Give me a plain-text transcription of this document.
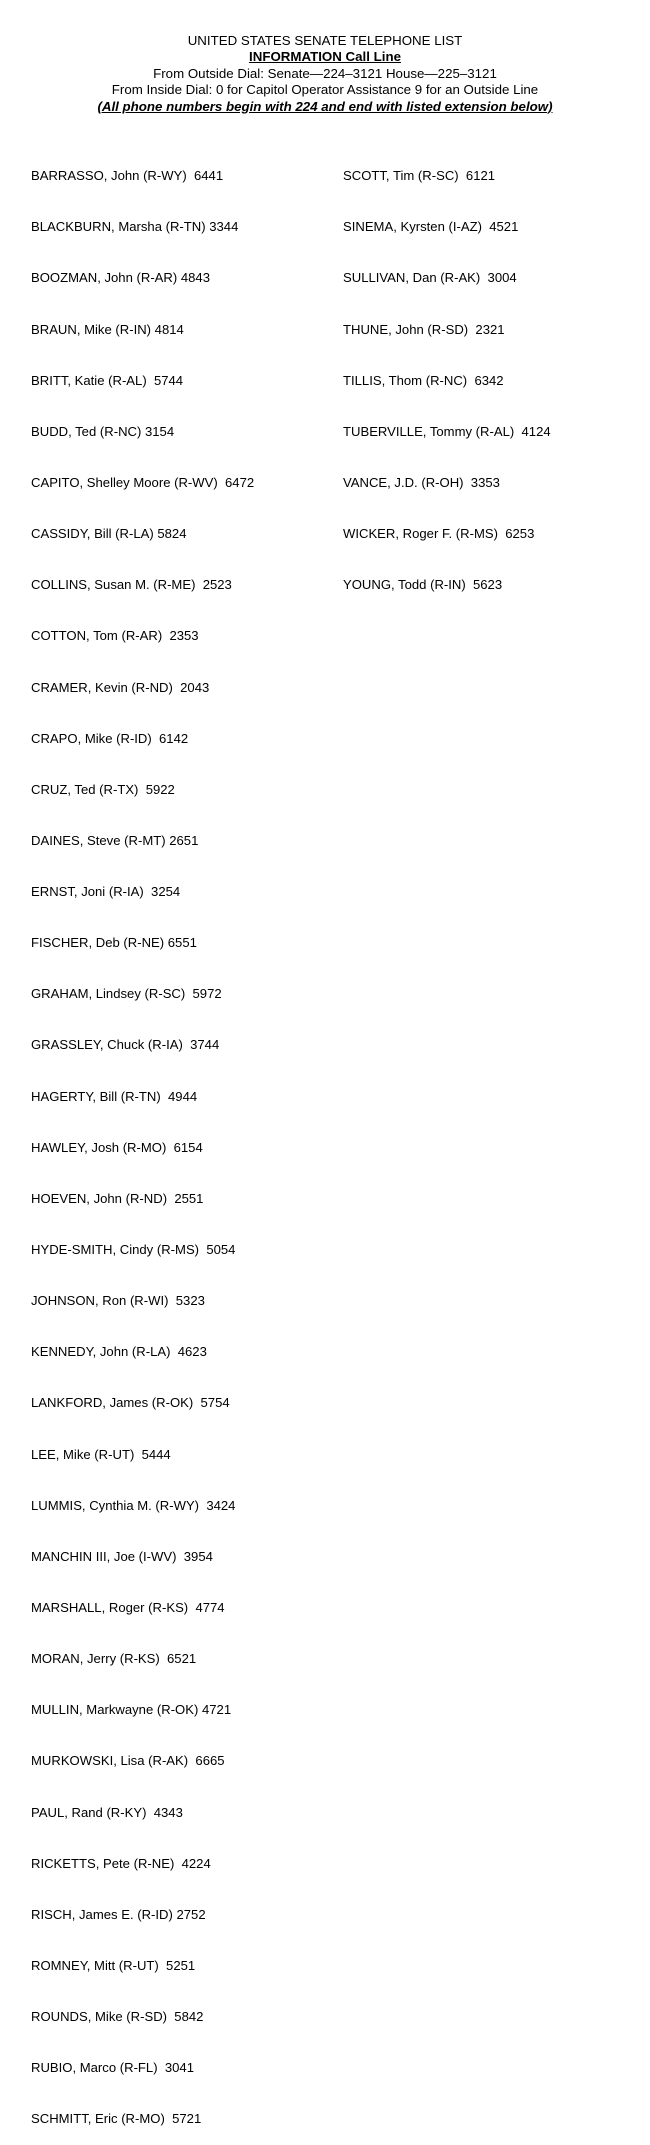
UNITED STATES SENATE TELEPHONE LIST
INFORMATION Call Line
From Outside Dial: Senate—224–3121 House—225–3121
From Inside Dial: 0 for Capitol Operator Assistance 9 for an Outside Line
(All phone numbers begin with 224 and end with listed extension below)

BARRASSO, John (R-WY)  6441

BLACKBURN, Marsha (R-TN) 3344

BOOZMAN, John (R-AR) 4843

BRAUN, Mike (R-IN) 4814

BRITT, Katie (R-AL)  5744

BUDD, Ted (R-NC) 3154

CAPITO, Shelley Moore (R-WV)  6472

CASSIDY, Bill (R-LA) 5824

COLLINS, Susan M. (R-ME)  2523

COTTON, Tom (R-AR)  2353

CRAMER, Kevin (R-ND)  2043

CRAPO, Mike (R-ID)  6142

CRUZ, Ted (R-TX)  5922

DAINES, Steve (R-MT) 2651

ERNST, Joni (R-IA)  3254

FISCHER, Deb (R-NE) 6551

GRAHAM, Lindsey (R-SC)  5972

GRASSLEY, Chuck (R-IA)  3744

HAGERTY, Bill (R-TN)  4944

HAWLEY, Josh (R-MO)  6154

HOEVEN, John (R-ND)  2551

HYDE-SMITH, Cindy (R-MS)  5054

JOHNSON, Ron (R-WI)  5323

KENNEDY, John (R-LA)  4623

LANKFORD, James (R-OK)  5754

LEE, Mike (R-UT)  5444

LUMMIS, Cynthia M. (R-WY)  3424

MANCHIN III, Joe (I-WV)  3954

MARSHALL, Roger (R-KS)  4774

MORAN, Jerry (R-KS)  6521

MULLIN, Markwayne (R-OK) 4721

MURKOWSKI, Lisa (R-AK)  6665

PAUL, Rand (R-KY)  4343

RICKETTS, Pete (R-NE)  4224

RISCH, James E. (R-ID) 2752

ROMNEY, Mitt (R-UT)  5251

ROUNDS, Mike (R-SD)  5842

RUBIO, Marco (R-FL)  3041

SCHMITT, Eric (R-MO)  5721

SCOTT, Tim (R-SC)  6121

SINEMA, Kyrsten (I-AZ)  4521

SULLIVAN, Dan (R-AK)  3004

THUNE, John (R-SD)  2321

TILLIS, Thom (R-NC)  6342

TUBERVILLE, Tommy (R-AL)  4124

VANCE, J.D. (R-OH)  3353

WICKER, Roger F. (R-MS)  6253

YOUNG, Todd (R-IN)  5623
